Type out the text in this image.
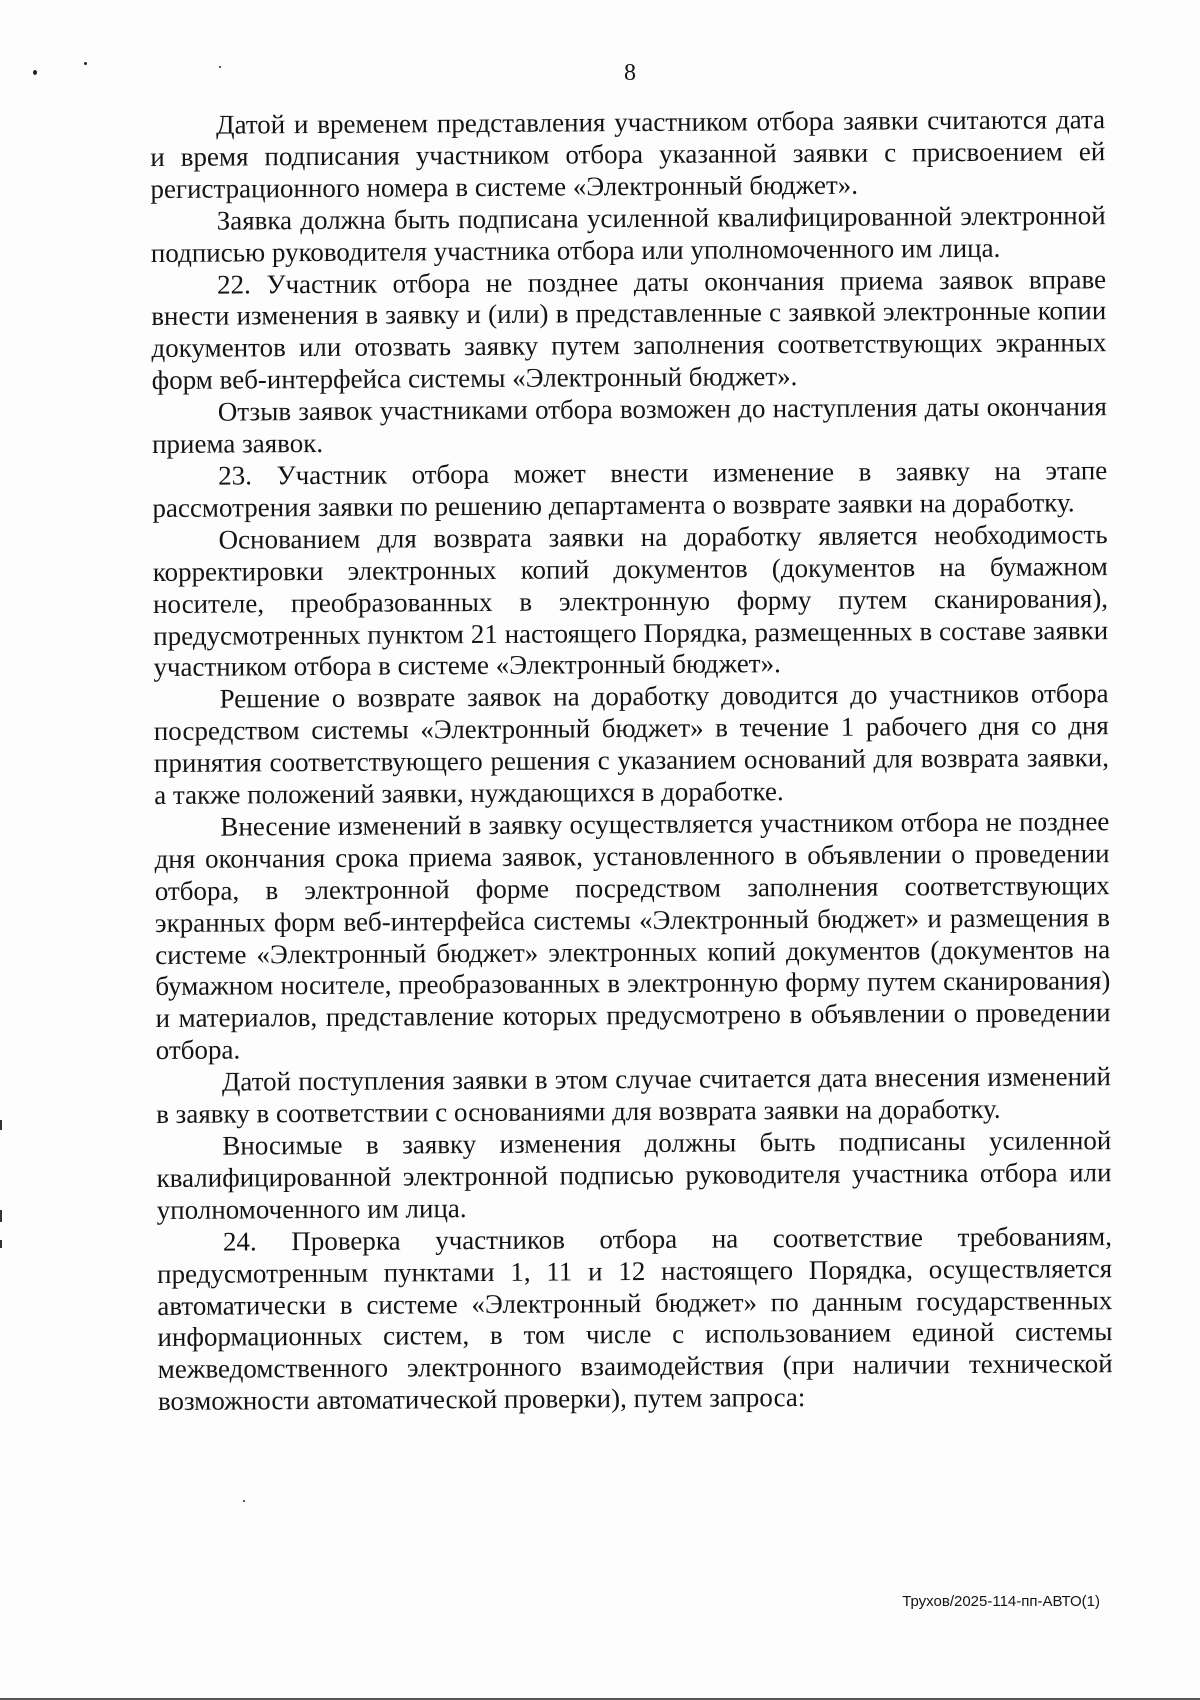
8

Датой и временем представления участником отбора заявки считаются дата и время подписания участником отбора указанной заявки с присвоением ей регистрационного номера в системе «Электронный бюджет».

Заявка должна быть подписана усиленной квалифицированной электронной подписью руководителя участника отбора или уполномоченного им лица.

22. Участник отбора не позднее даты окончания приема заявок вправе внести изменения в заявку и (или) в представленные с заявкой электронные копии документов или отозвать заявку путем заполнения соответствующих экранных форм веб-интерфейса системы «Электронный бюджет».

Отзыв заявок участниками отбора возможен до наступления даты окончания приема заявок.

23. Участник отбора может внести изменение в заявку на этапе рассмотрения заявки по решению департамента о возврате заявки на доработку.

Основанием для возврата заявки на доработку является необходимость корректировки электронных копий документов (документов на бумажном носителе, преобразованных в электронную форму путем сканирования), предусмотренных пунктом 21 настоящего Порядка, размещенных в составе заявки участником отбора в системе «Электронный бюджет».

Решение о возврате заявок на доработку доводится до участников отбора посредством системы «Электронный бюджет» в течение 1 рабочего дня со дня принятия соответствующего решения с указанием оснований для возврата заявки, а также положений заявки, нуждающихся в доработке.

Внесение изменений в заявку осуществляется участником отбора не позднее дня окончания срока приема заявок, установленного в объявлении о проведении отбора, в электронной форме посредством заполнения соответствующих экранных форм веб-интерфейса системы «Электронный бюджет» и размещения в системе «Электронный бюджет» электронных копий документов (документов на бумажном носителе, преобразованных в электронную форму путем сканирования) и материалов, представление которых предусмотрено в объявлении о проведении отбора.

Датой поступления заявки в этом случае считается дата внесения изменений в заявку в соответствии с основаниями для возврата заявки на доработку.

Вносимые в заявку изменения должны быть подписаны усиленной квалифицированной электронной подписью руководителя участника отбора или уполномоченного им лица.

24. Проверка участников отбора на соответствие требованиям, предусмотренным пунктами 1, 11 и 12 настоящего Порядка, осуществляется автоматически в системе «Электронный бюджет» по данным государственных информационных систем, в том числе с использованием единой системы межведомственного электронного взаимодействия (при наличии технической возможности автоматической проверки), путем запроса:

Трухов/2025-114-пп-АВТО(1)
